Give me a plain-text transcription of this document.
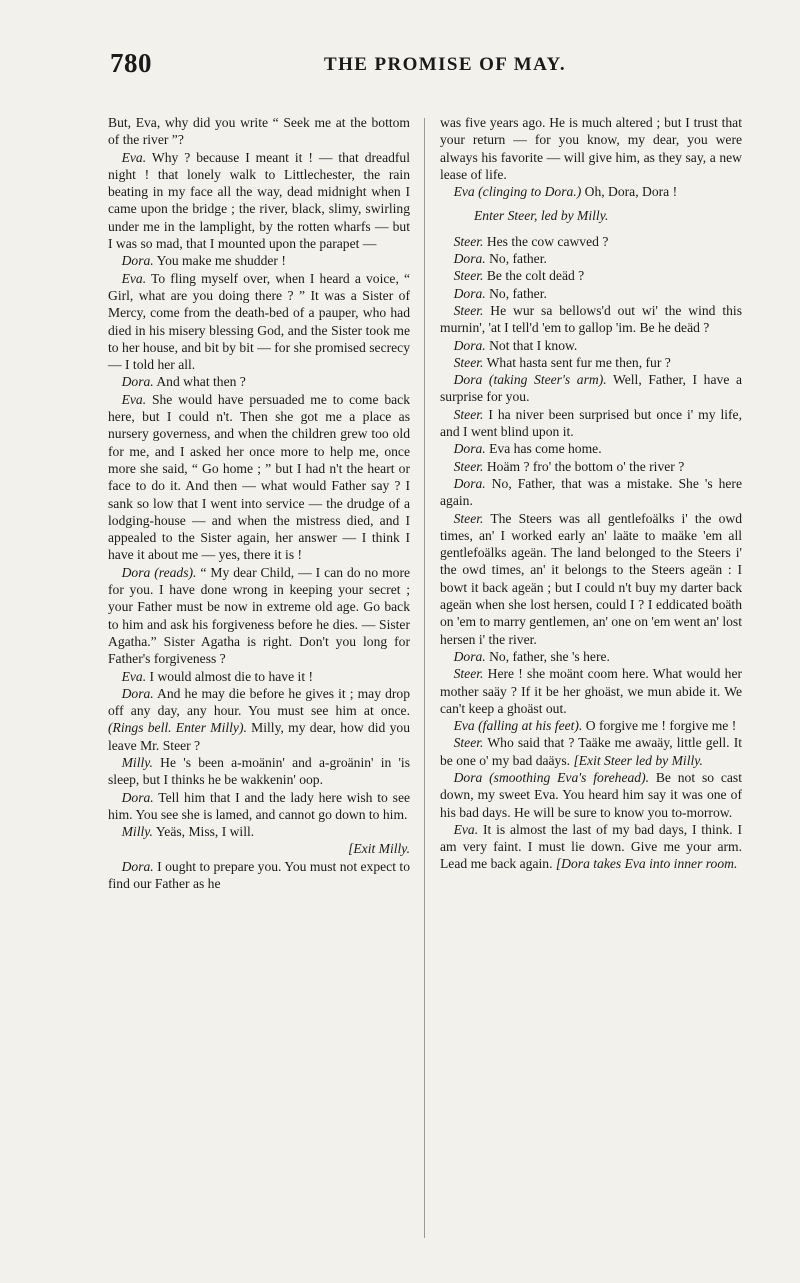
780	THE PROMISE OF MAY.

But, Eva, why did you write “ Seek me at the bottom of the river ”?

Eva. Why ? because I meant it ! — that dreadful night ! that lonely walk to Littlechester, the rain beating in my face all the way, dead midnight when I came upon the bridge ; the river, black, slimy, swirling under me in the lamplight, by the rotten wharfs — but I was so mad, that I mounted upon the parapet —

Dora. You make me shudder !

Eva. To fling myself over, when I heard a voice, “ Girl, what are you doing there ? ” It was a Sister of Mercy, come from the death-bed of a pauper, who had died in his misery blessing God, and the Sister took me to her house, and bit by bit — for she promised secrecy — I told her all.

Dora. And what then ?

Eva. She would have persuaded me to come back here, but I could n't. Then she got me a place as nursery governess, and when the children grew too old for me, and I asked her once more to help me, once more she said, “ Go home ; ” but I had n't the heart or face to do it. And then — what would Father say ? I sank so low that I went into service — the drudge of a lodging-house — and when the mistress died, and I appealed to the Sister again, her answer — I think I have it about me — yes, there it is !

Dora (reads). “ My dear Child, — I can do no more for you. I have done wrong in keeping your secret ; your Father must be now in extreme old age. Go back to him and ask his forgiveness before he dies. — Sister Agatha.” Sister Agatha is right. Don't you long for Father's forgiveness ?

Eva. I would almost die to have it !

Dora. And he may die before he gives it ; may drop off any day, any hour. You must see him at once. (Rings bell. Enter Milly). Milly, my dear, how did you leave Mr. Steer ?

Milly. He 's been a-moänin' and a-groänin' in 'is sleep, but I thinks he be wakkenin' oop.

Dora. Tell him that I and the lady here wish to see him. You see she is lamed, and cannot go down to him.

Milly. Yeäs, Miss, I will.

[Exit Milly.

Dora. I ought to prepare you. You must not expect to find our Father as he

was five years ago. He is much altered ; but I trust that your return — for you know, my dear, you were always his favorite — will give him, as they say, a new lease of life.

Eva (clinging to Dora.) Oh, Dora, Dora !

Enter Steer, led by Milly.

Steer. Hes the cow cawved ?

Dora. No, father.

Steer. Be the colt deäd ?

Dora. No, father.

Steer. He wur sa bellows'd out wi' the wind this murnin', 'at I tell'd 'em to gallop 'im. Be he deäd ?

Dora. Not that I know.

Steer. What hasta sent fur me then, fur ?

Dora (taking Steer's arm). Well, Father, I have a surprise for you.

Steer. I ha niver been surprised but once i' my life, and I went blind upon it.

Dora. Eva has come home.

Steer. Hoäm ? fro' the bottom o' the river ?

Dora. No, Father, that was a mistake. She 's here again.

Steer. The Steers was all gentlefoälks i' the owd times, an' I worked early an' laäte to maäke 'em all gentlefoälks ageän. The land belonged to the Steers i' the owd times, an' it belongs to the Steers ageän : I bowt it back ageän ; but I could n't buy my darter back ageän when she lost hersen, could I ? I eddicated boäth on 'em to marry gentlemen, an' one on 'em went an' lost hersen i' the river.

Dora. No, father, she 's here.

Steer. Here ! she moänt coom here. What would her mother saäy ? If it be her ghoäst, we mun abide it. We can't keep a ghoäst out.

Eva (falling at his feet). O forgive me ! forgive me !

Steer. Who said that ? Taäke me awaäy, little gell. It be one o' my bad daäys. [Exit Steer led by Milly.

Dora (smoothing Eva's forehead). Be not so cast down, my sweet Eva. You heard him say it was one of his bad days. He will be sure to know you to-morrow.

Eva. It is almost the last of my bad days, I think. I am very faint. I must lie down. Give me your arm. Lead me back again. [Dora takes Eva into inner room.
